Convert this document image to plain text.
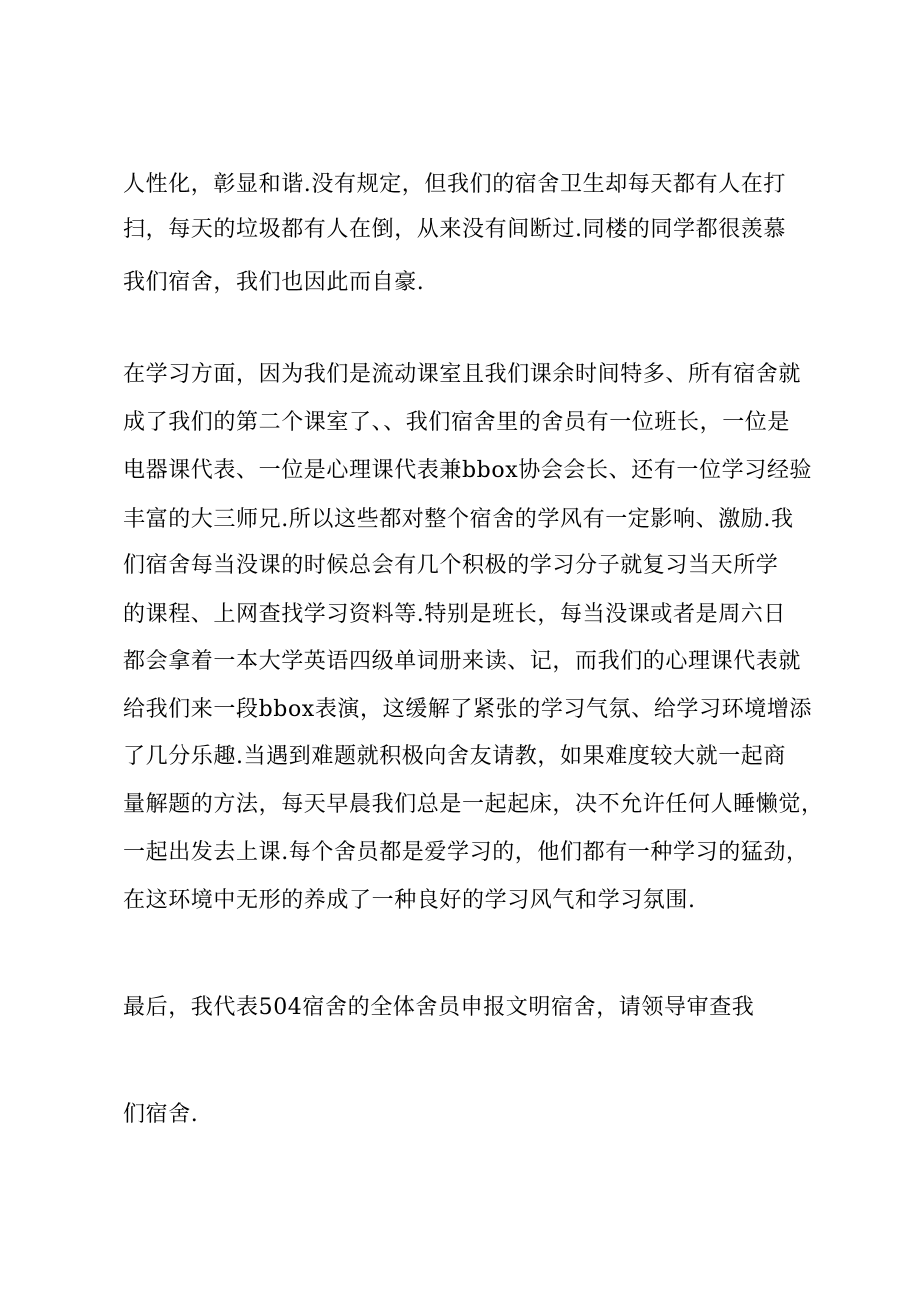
人性化，彰显和谐.没有规定，但我们的宿舍卫生却每天都有人在打
扫，每天的垃圾都有人在倒，从来没有间断过.同楼的同学都很羡慕
我们宿舍，我们也因此而自豪.
在学习方面，因为我们是流动课室且我们课余时间特多、所有宿舍就
成了我们的第二个课室了、、我们宿舍里的舍员有一位班长，一位是
电器课代表、一位是心理课代表兼bbox协会会长、还有一位学习经验
丰富的大三师兄.所以这些都对整个宿舍的学风有一定影响、激励.我
们宿舍每当没课的时候总会有几个积极的学习分子就复习当天所学
的课程、上网查找学习资料等.特别是班长，每当没课或者是周六日
都会拿着一本大学英语四级单词册来读、记，而我们的心理课代表就
给我们来一段bbox表演，这缓解了紧张的学习气氛、给学习环境增添
了几分乐趣.当遇到难题就积极向舍友请教，如果难度较大就一起商
量解题的方法，每天早晨我们总是一起起床，决不允许任何人睡懒觉，
一起出发去上课.每个舍员都是爱学习的，他们都有一种学习的猛劲，
在这环境中无形的养成了一种良好的学习风气和学习氛围.
最后，我代表504宿舍的全体舍员申报文明宿舍，请领导审查我
们宿舍.
